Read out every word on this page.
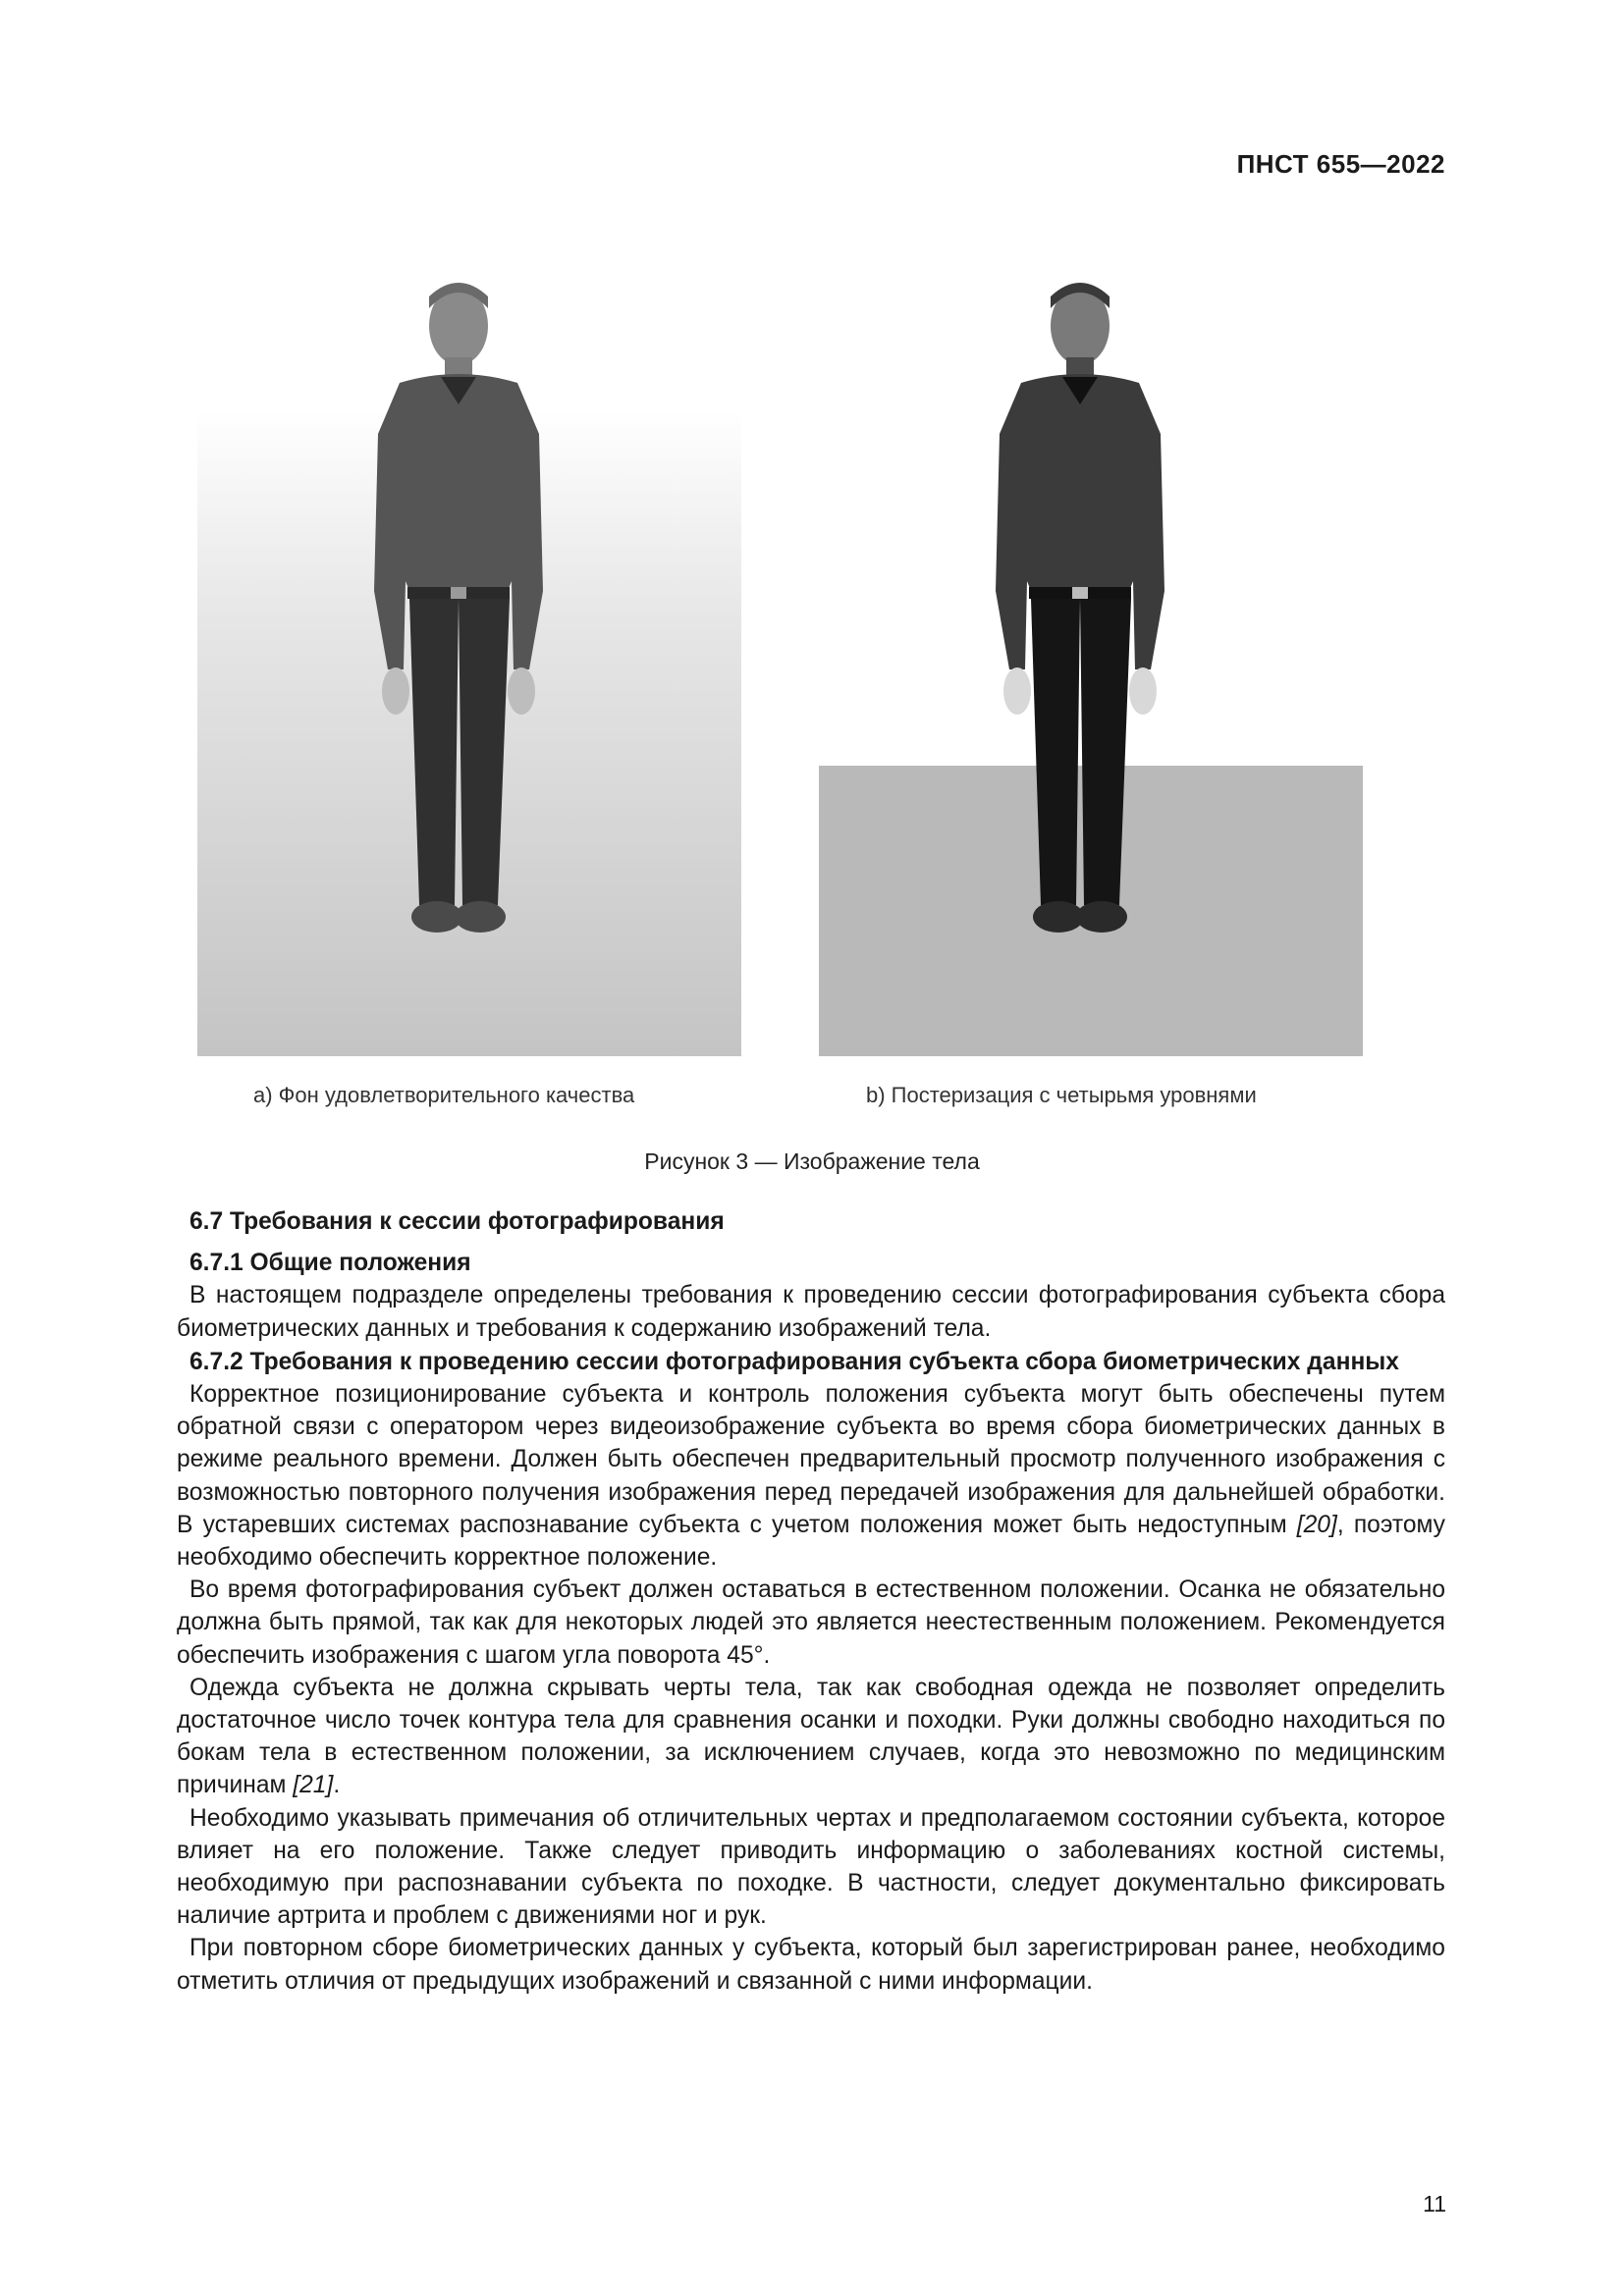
ПНСТ 655—2022
а) Фон удовлетворительного качества	b) Постеризация с четырьмя уровнями
Рисунок 3 — Изображение тела
6.7 Требования к сессии фотографирования
6.7.1 Общие положения

В настоящем подразделе определены требования к проведению сессии фотографирования субъекта сбора биометрических данных и требования к содержанию изображений тела.

6.7.2 Требования к проведению сессии фотографирования субъекта сбора биометрических данных

Корректное позиционирование субъекта и контроль положения субъекта могут быть обеспечены путем обратной связи с оператором через видеоизображение субъекта во время сбора биометрических данных в режиме реального времени. Должен быть обеспечен предварительный просмотр полученного изображения с возможностью повторного получения изображения перед передачей изображения для дальнейшей обработки. В устаревших системах распознавание субъекта с учетом положения может быть недоступным [20], поэтому необходимо обеспечить корректное положение.

Во время фотографирования субъект должен оставаться в естественном положении. Осанка не обязательно должна быть прямой, так как для некоторых людей это является неестественным положением. Рекомендуется обеспечить изображения с шагом угла поворота 45°.

Одежда субъекта не должна скрывать черты тела, так как свободная одежда не позволяет определить достаточное число точек контура тела для сравнения осанки и походки. Руки должны свободно находиться по бокам тела в естественном положении, за исключением случаев, когда это невозможно по медицинским причинам [21].

Необходимо указывать примечания об отличительных чертах и предполагаемом состоянии субъекта, которое влияет на его положение. Также следует приводить информацию о заболеваниях костной системы, необходимую при распознавании субъекта по походке. В частности, следует документально фиксировать наличие артрита и проблем с движениями ног и рук.

При повторном сборе биометрических данных у субъекта, который был зарегистрирован ранее, необходимо отметить отличия от предыдущих изображений и связанной с ними информации.

11
